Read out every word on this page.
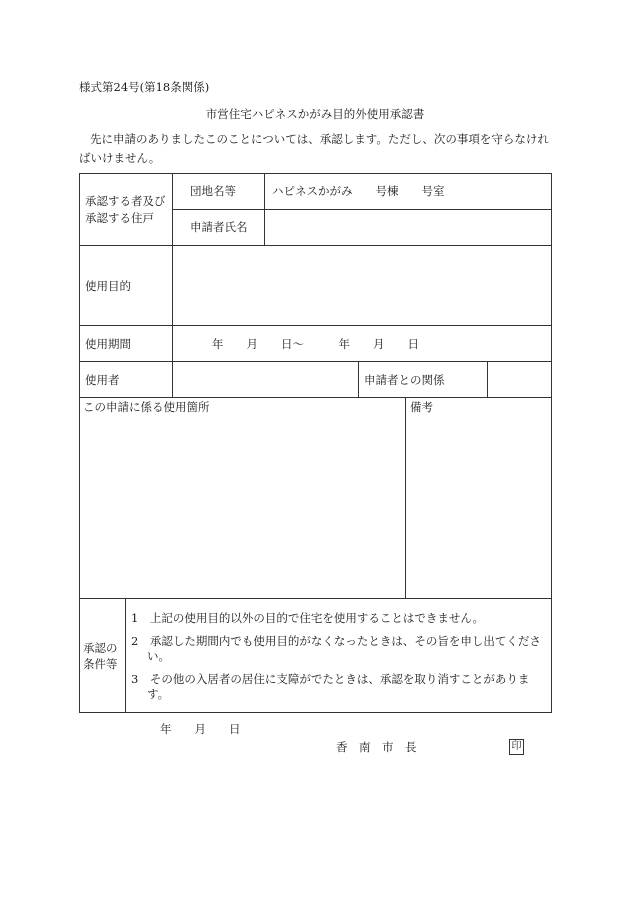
様式第24号(第18条関係)
市営住宅ハピネスかがみ目的外使用承認書
先に申請のありましたこのことについては、承認します。ただし、次の事項を守らなければいけません。
承認する者及び承認する住戸
団地名等	ハピネスかがみ　　号棟　　号室
申請者氏名
使用目的
使用期間	年　　月　　日～　　　年　　月　　日
使用者	申請者との関係
この申請に係る使用箇所	備考
承認の条件等
1　上記の使用目的以外の目的で住宅を使用することはできません。
2　承認した期間内でも使用目的がなくなったときは、その旨を申し出てください。
3　その他の入居者の居住に支障がでたときは、承認を取り消すことがあります。
年　　月　　日
香　南　市　長	印
